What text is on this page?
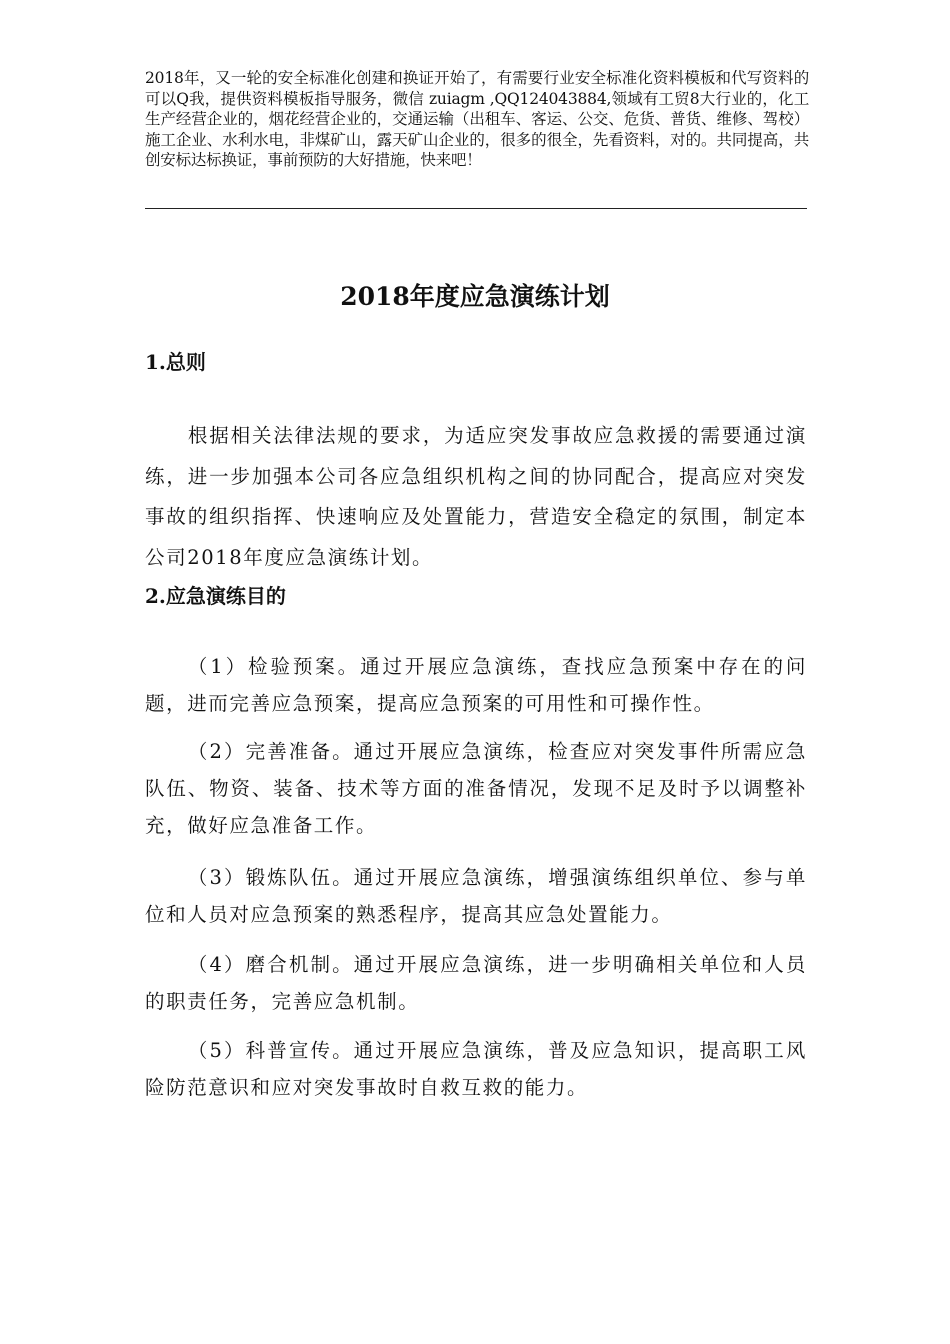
2018年，又一轮的安全标准化创建和换证开始了，有需要行业安全标准化资料模板和代写资料的可以Q我，提供资料模板指导服务，微信 zuiagm ,QQ124043884,领域有工贸8大行业的，化工生产经营企业的，烟花经营企业的，交通运输（出租车、客运、公交、危货、普货、维修、驾校）施工企业、水利水电，非煤矿山，露天矿山企业的，很多的很全，先看资料，对的。共同提高，共创安标达标换证，事前预防的大好措施，快来吧！
2018年度应急演练计划
1.总则
根据相关法律法规的要求，为适应突发事故应急救援的需要通过演练，进一步加强本公司各应急组织机构之间的协同配合，提高应对突发事故的组织指挥、快速响应及处置能力，营造安全稳定的氛围，制定本公司2018年度应急演练计划。
2.应急演练目的
（1）检验预案。通过开展应急演练，查找应急预案中存在的问题，进而完善应急预案，提高应急预案的可用性和可操作性。
（2）完善准备。通过开展应急演练，检查应对突发事件所需应急队伍、物资、装备、技术等方面的准备情况，发现不足及时予以调整补充，做好应急准备工作。
（3）锻炼队伍。通过开展应急演练，增强演练组织单位、参与单位和人员对应急预案的熟悉程序，提高其应急处置能力。
（4）磨合机制。通过开展应急演练，进一步明确相关单位和人员的职责任务，完善应急机制。
（5）科普宣传。通过开展应急演练，普及应急知识，提高职工风险防范意识和应对突发事故时自救互救的能力。
